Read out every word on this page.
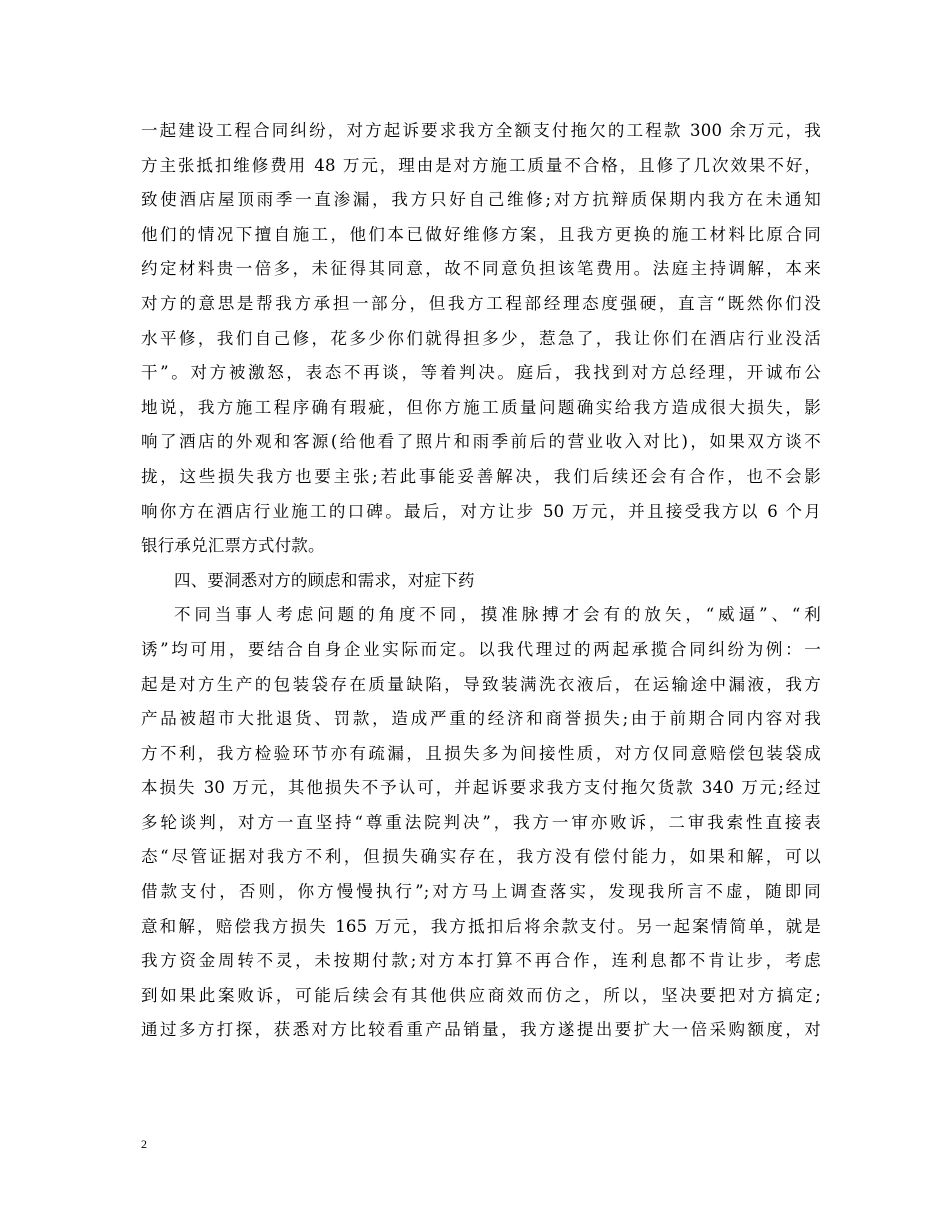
一起建设工程合同纠纷，对方起诉要求我方全额支付拖欠的工程款 300 余万元，我
方主张抵扣维修费用 48 万元，理由是对方施工质量不合格，且修了几次效果不好，
致使酒店屋顶雨季一直渗漏，我方只好自己维修;对方抗辩质保期内我方在未通知
他们的情况下擅自施工，他们本已做好维修方案，且我方更换的施工材料比原合同
约定材料贵一倍多，未征得其同意，故不同意负担该笔费用。法庭主持调解，本来
对方的意思是帮我方承担一部分，但我方工程部经理态度强硬，直言“既然你们没
水平修，我们自己修，花多少你们就得担多少，惹急了，我让你们在酒店行业没活
干”。对方被激怒，表态不再谈，等着判决。庭后，我找到对方总经理，开诚布公
地说，我方施工程序确有瑕疵，但你方施工质量问题确实给我方造成很大损失，影
响了酒店的外观和客源(给他看了照片和雨季前后的营业收入对比)，如果双方谈不
拢，这些损失我方也要主张;若此事能妥善解决，我们后续还会有合作，也不会影
响你方在酒店行业施工的口碑。最后，对方让步 50 万元，并且接受我方以 6 个月
银行承兑汇票方式付款。
四、要洞悉对方的顾虑和需求，对症下药
不同当事人考虑问题的角度不同，摸准脉搏才会有的放矢，“威逼”、“利
诱”均可用，要结合自身企业实际而定。以我代理过的两起承揽合同纠纷为例：一
起是对方生产的包装袋存在质量缺陷，导致装满洗衣液后，在运输途中漏液，我方
产品被超市大批退货、罚款，造成严重的经济和商誉损失;由于前期合同内容对我
方不利，我方检验环节亦有疏漏，且损失多为间接性质，对方仅同意赔偿包装袋成
本损失 30 万元，其他损失不予认可，并起诉要求我方支付拖欠货款 340 万元;经过
多轮谈判，对方一直坚持“尊重法院判决”，我方一审亦败诉，二审我索性直接表
态“尽管证据对我方不利，但损失确实存在，我方没有偿付能力，如果和解，可以
借款支付，否则，你方慢慢执行”;对方马上调查落实，发现我所言不虚，随即同
意和解，赔偿我方损失 165 万元，我方抵扣后将余款支付。另一起案情简单，就是
我方资金周转不灵，未按期付款;对方本打算不再合作，连利息都不肯让步，考虑
到如果此案败诉，可能后续会有其他供应商效而仿之，所以，坚决要把对方搞定;
通过多方打探，获悉对方比较看重产品销量，我方遂提出要扩大一倍采购额度，对
2
